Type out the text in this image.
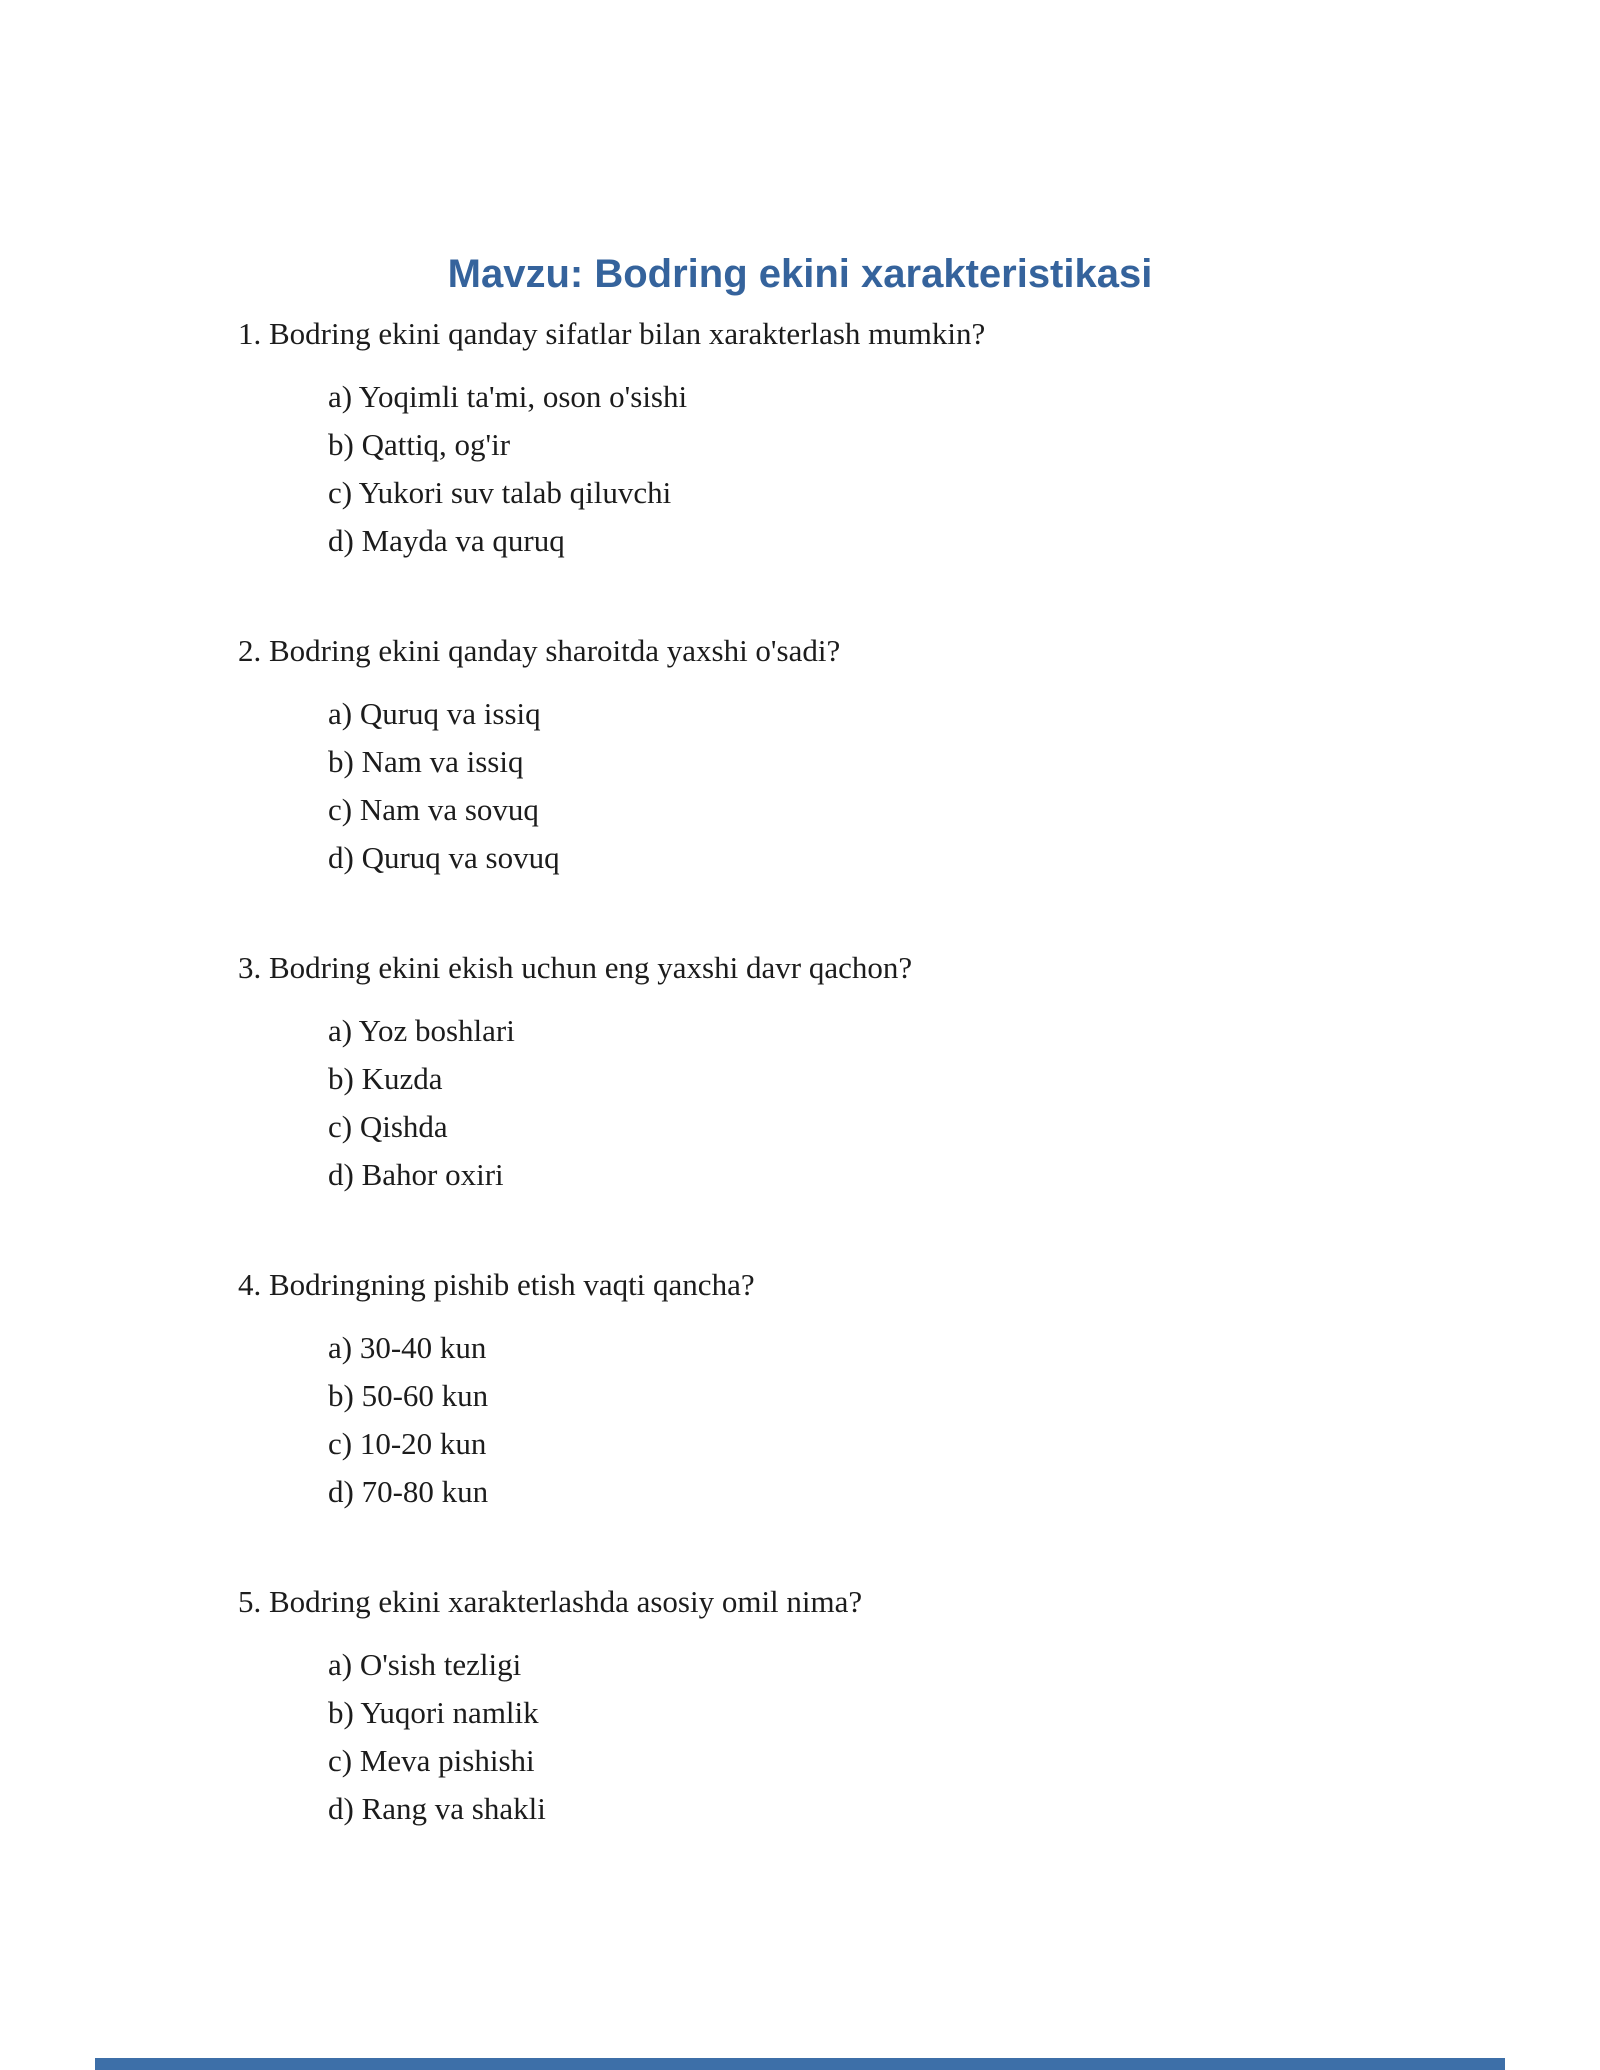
Mavzu: Bodring ekini xarakteristikasi

1. Bodring ekini qanday sifatlar bilan xarakterlash mumkin?

a) Yoqimli ta'mi, oson o'sishi

b) Qattiq, og'ir

c) Yukori suv talab qiluvchi

d) Mayda va quruq

2. Bodring ekini qanday sharoitda yaxshi o'sadi?

a) Quruq va issiq

b) Nam va issiq

c) Nam va sovuq

d) Quruq va sovuq

3. Bodring ekini ekish uchun eng yaxshi davr qachon?

a) Yoz boshlari

b) Kuzda

c) Qishda

d) Bahor oxiri

4. Bodringning pishib etish vaqti qancha?

a) 30-40 kun

b) 50-60 kun

c) 10-20 kun

d) 70-80 kun

5. Bodring ekini xarakterlashda asosiy omil nima?

a) O'sish tezligi

b) Yuqori namlik

c) Meva pishishi

d) Rang va shakli
